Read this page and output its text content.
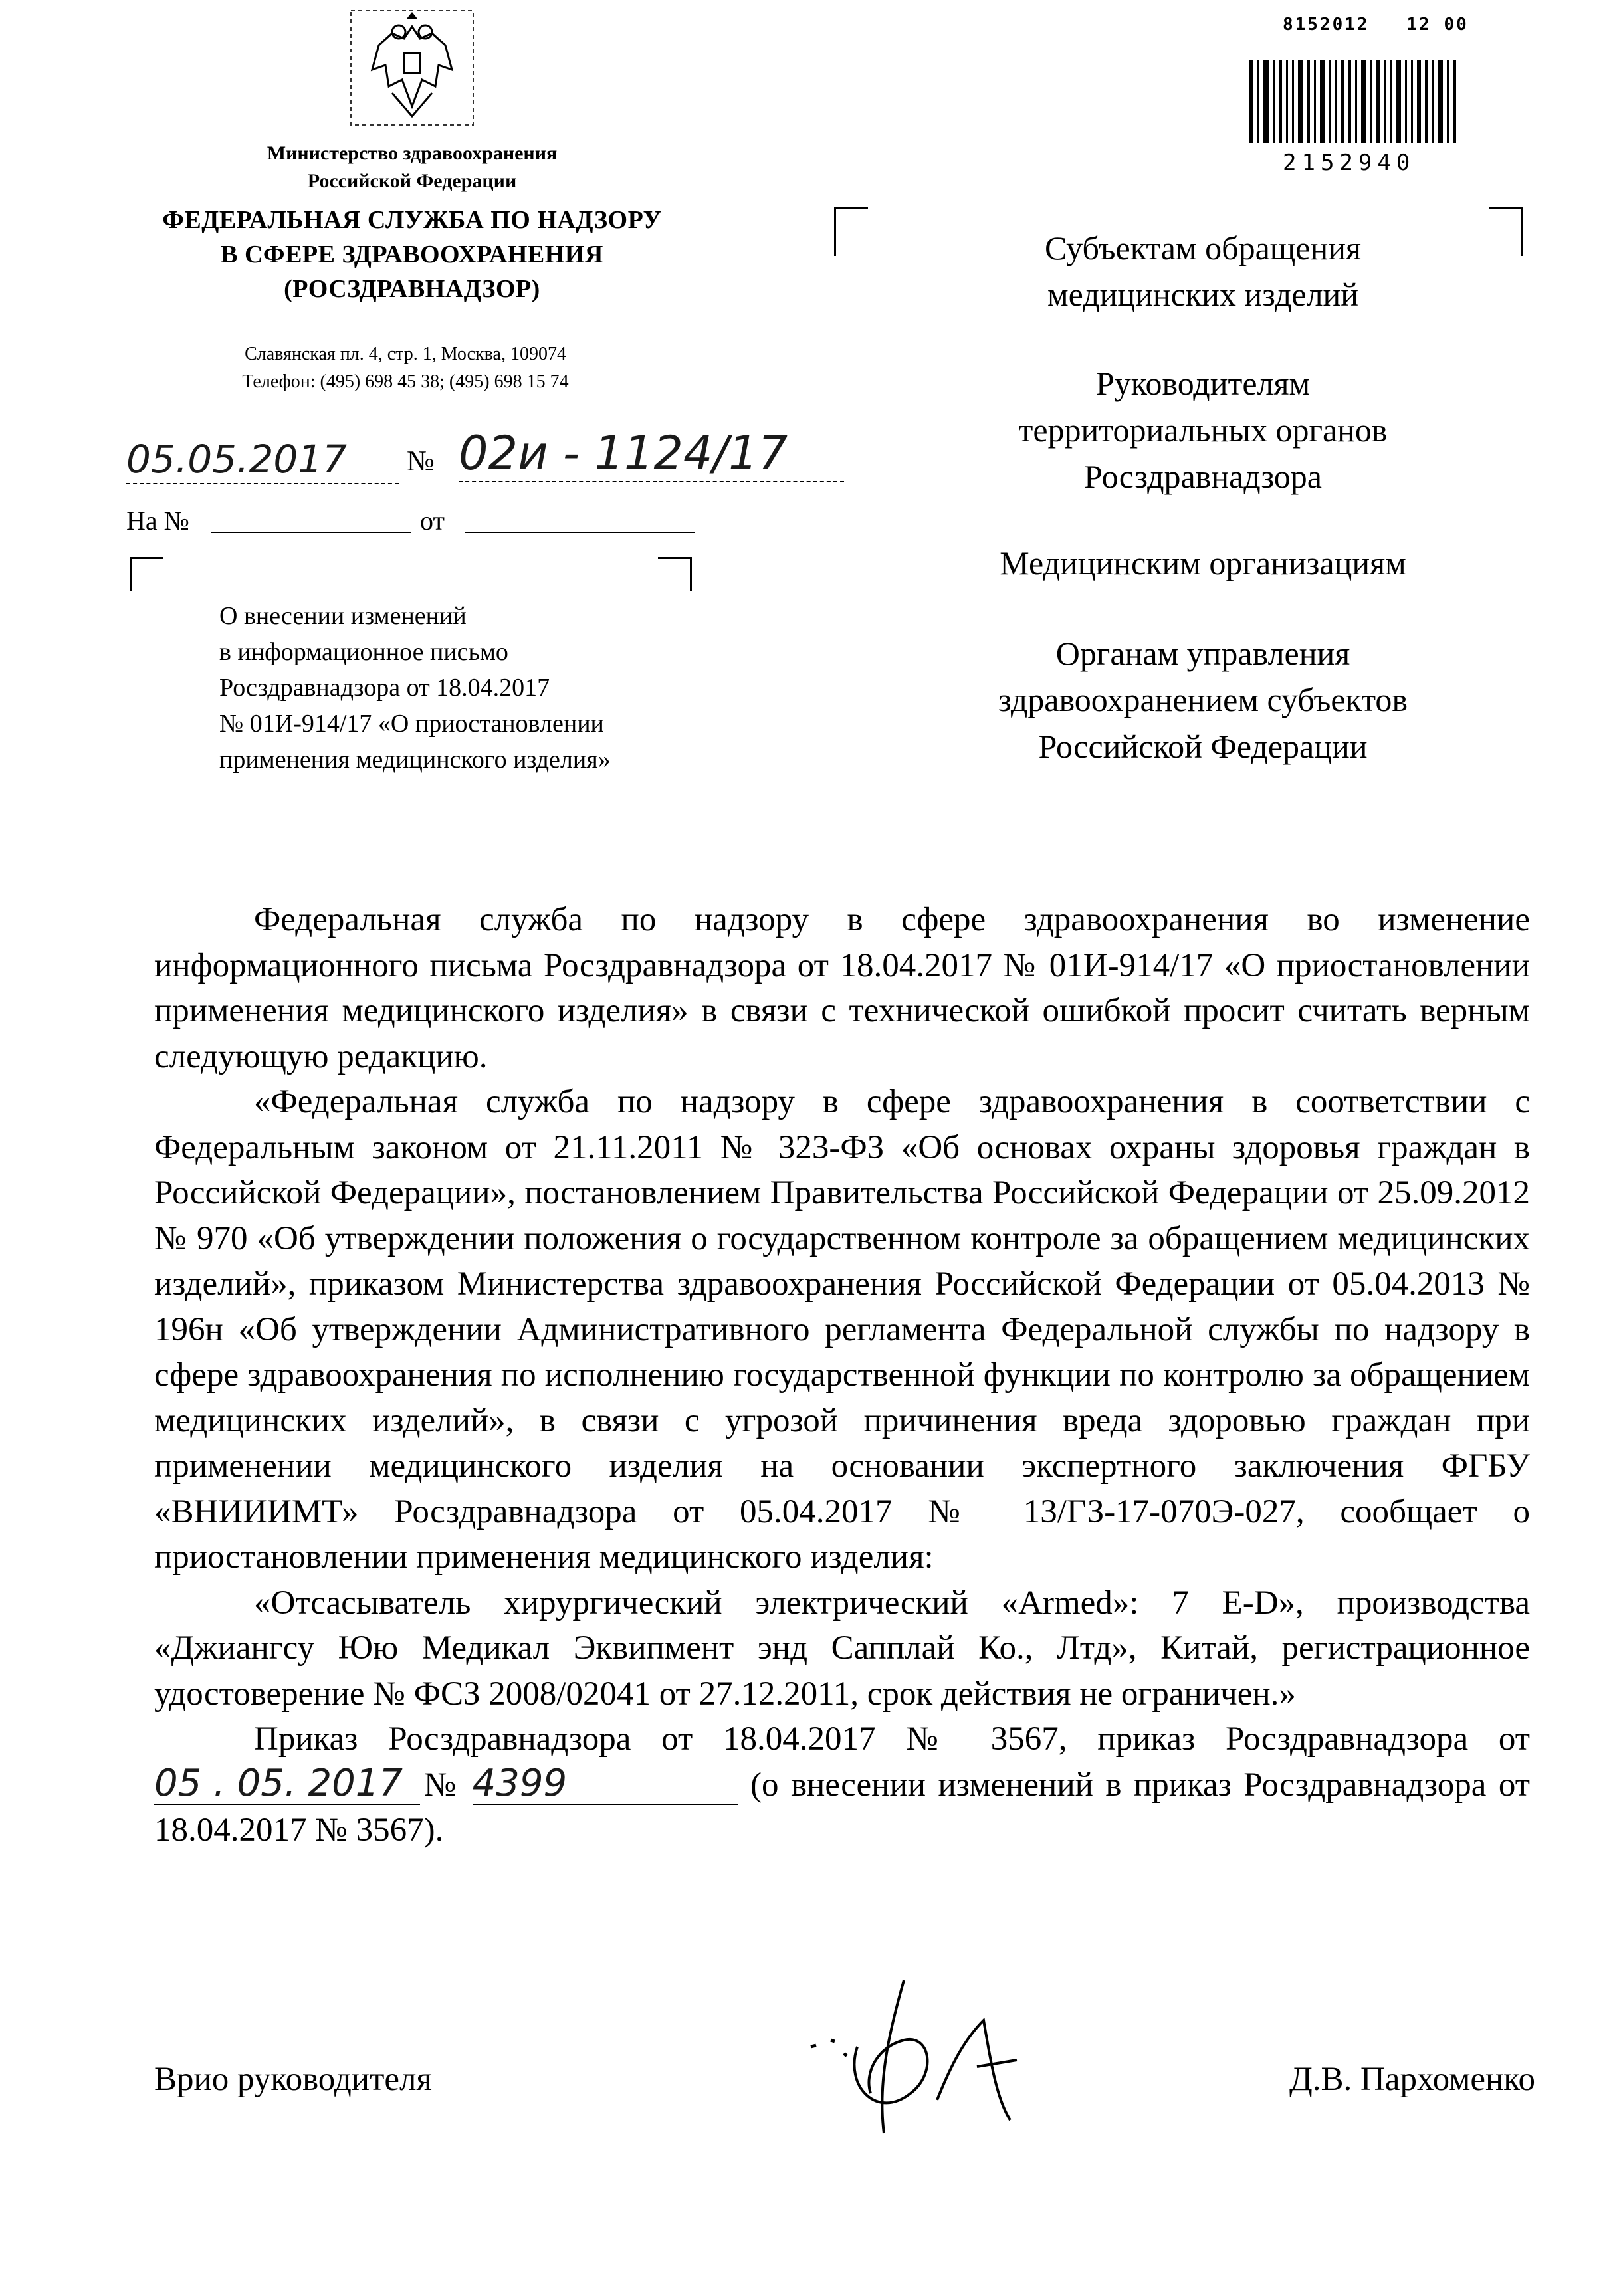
Министерство здравоохранения
Российской Федерации
ФЕДЕРАЛЬНАЯ СЛУЖБА ПО НАДЗОРУ
В СФЕРЕ ЗДРАВООХРАНЕНИЯ
(РОСЗДРАВНАДЗОР)
Славянская пл. 4, стр. 1, Москва, 109074
Телефон: (495) 698 45 38; (495) 698 15 74
05.05.2017	№ 02и - 1124/17
На №	от
О внесении изменений
в информационное письмо
Росздравнадзора от 18.04.2017
№ 01И-914/17 «О приостановлении
применения медицинского изделия»
8152012   12 00
2152940
Субъектам обращения
медицинских изделий
Руководителям
территориальных органов
Росздравнадзора
Медицинским организациям
Органам управления
здравоохранением субъектов
Российской Федерации

Федеральная служба по надзору в сфере здравоохранения во изменение информационного письма Росздравнадзора от 18.04.2017 № 01И-914/17 «О приостановлении применения медицинского изделия» в связи с технической ошибкой просит считать верным следующую редакцию.

«Федеральная служба по надзору в сфере здравоохранения в соответствии с Федеральным законом от 21.11.2011 № 323-ФЗ «Об основах охраны здоровья граждан в Российской Федерации», постановлением Правительства Российской Федерации от 25.09.2012 № 970 «Об утверждении положения о государственном контроле за обращением медицинских изделий», приказом Министерства здравоохранения Российской Федерации от 05.04.2013 № 196н «Об утверждении Административного регламента Федеральной службы по надзору в сфере здравоохранения по исполнению государственной функции по контролю за обращением медицинских изделий», в связи с угрозой причинения вреда здоровью граждан при применении медицинского изделия на основании экспертного заключения ФГБУ «ВНИИИМТ» Росздравнадзора от 05.04.2017 № 13/ГЗ-17-070Э-027, сообщает о приостановлении применения медицинского изделия:

«Отсасыватель хирургический электрический «Armed»: 7 E-D», производства «Джиангсу Юю Медикал Эквипмент энд Сапплай Ко., Лтд», Китай, регистрационное удостоверение № ФСЗ 2008/02041 от 27.12.2011, срок действия не ограничен.»

Приказ Росздравнадзора от 18.04.2017 № 3567, приказ Росздравнадзора от 05 . 05. 2017 № 4399	(о внесении изменений в приказ Росздравнадзора от 18.04.2017 № 3567).

Врио руководителя	Д.В. Пархоменко
